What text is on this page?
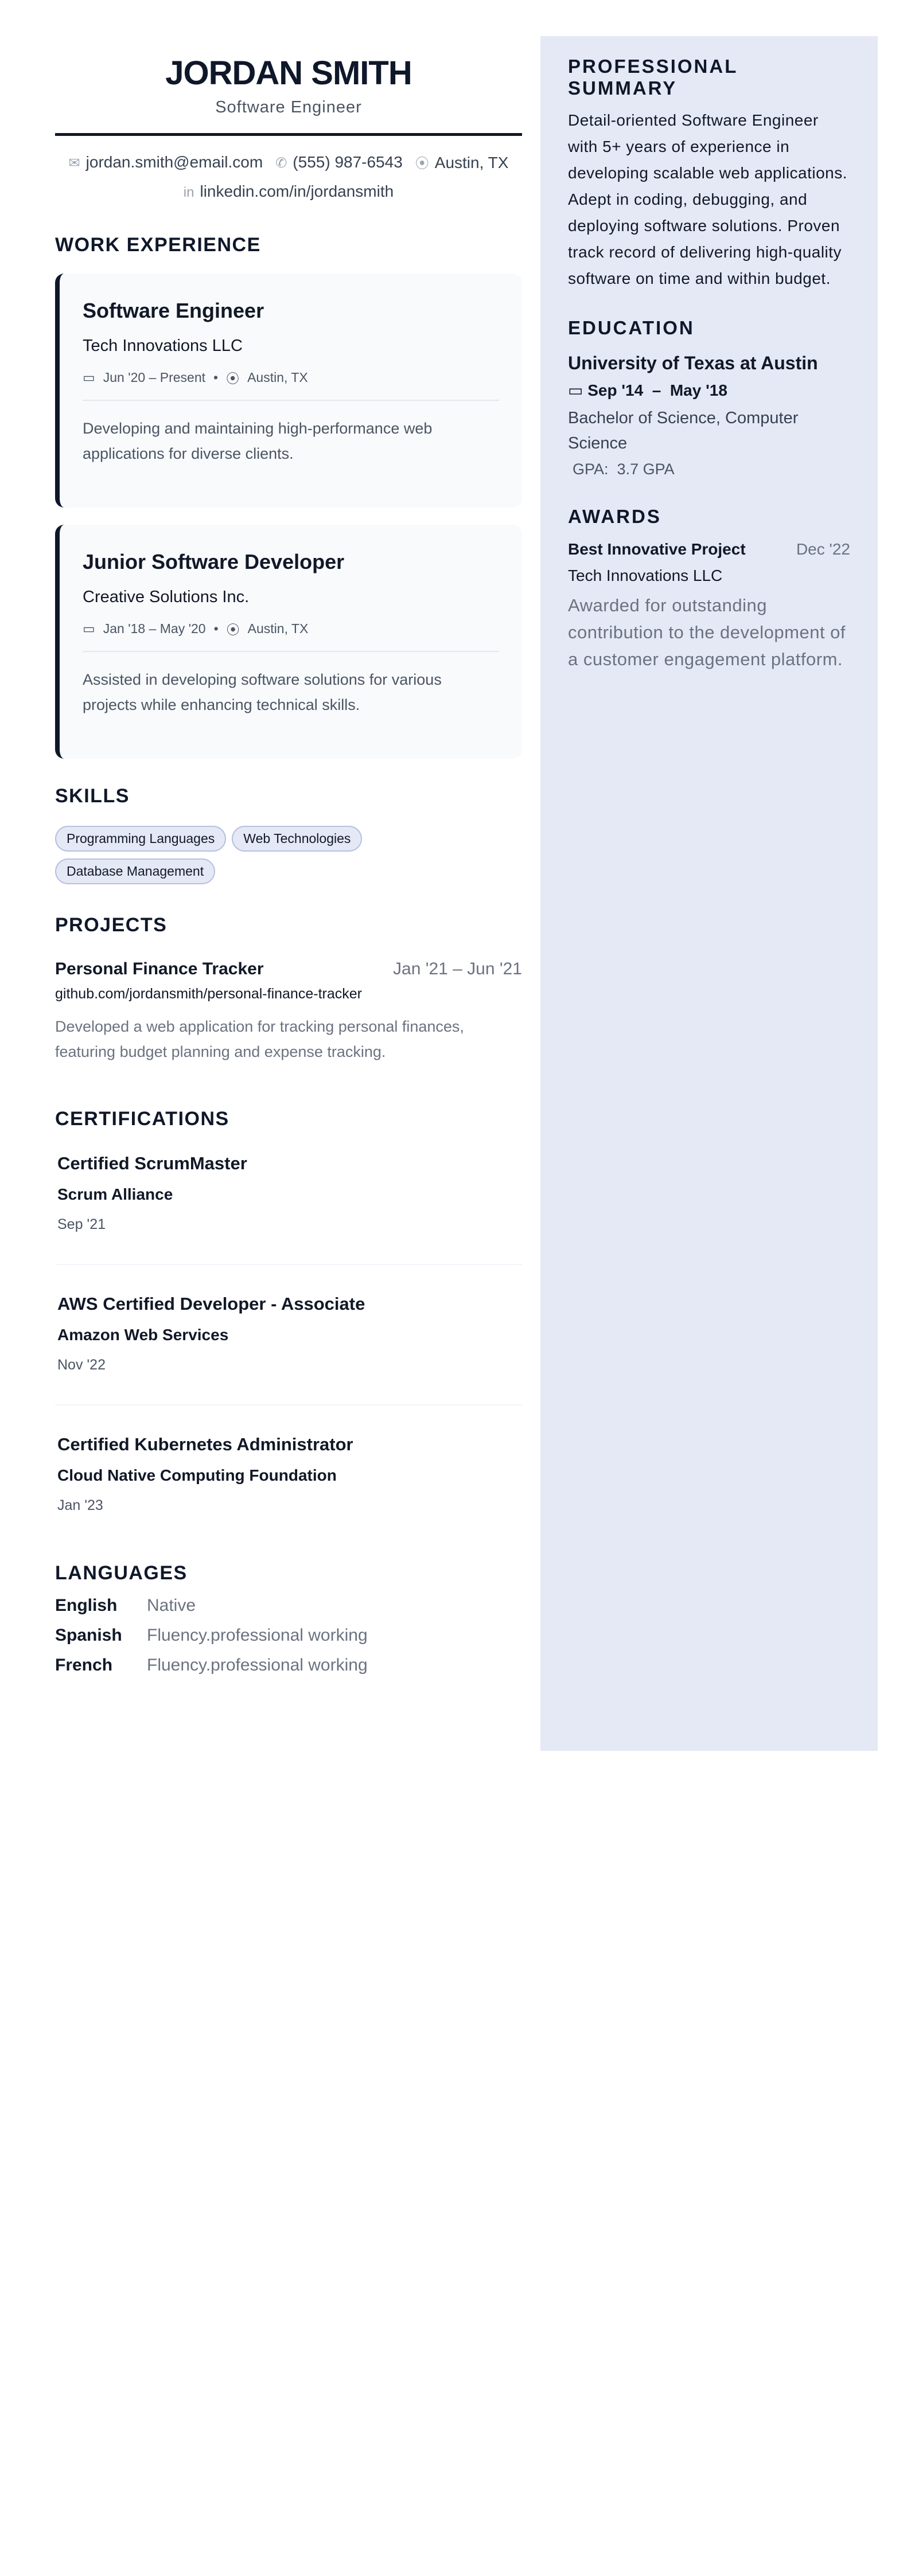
JORDAN SMITH
Software Engineer
✉ jordan.smith@email.com ✆ (555) 987-6543 ⦿ Austin, TX
in linkedin.com/in/jordansmith
WORK EXPERIENCE
Software Engineer
Tech Innovations LLC
▭ Jun '20 – Present • ⦿ Austin, TX
Developing and maintaining high-performance web applications for diverse clients.
Junior Software Developer
Creative Solutions Inc.
▭ Jan '18 – May '20 • ⦿ Austin, TX
Assisted in developing software solutions for various projects while enhancing technical skills.
SKILLS
Programming Languages	Web Technologies
Database Management
PROJECTS
Personal Finance Tracker	Jan '21 – Jun '21
github.com/jordansmith/personal-finance-tracker
Developed a web application for tracking personal finances, featuring budget planning and expense tracking.
CERTIFICATIONS
Certified ScrumMaster
Scrum Alliance
Sep '21
AWS Certified Developer - Associate
Amazon Web Services
Nov '22
Certified Kubernetes Administrator
Cloud Native Computing Foundation
Jan '23
LANGUAGES
English	Native
Spanish	Fluency.professional working
French	Fluency.professional working
PROFESSIONAL SUMMARY
Detail-oriented Software Engineer with 5+ years of experience in developing scalable web applications. Adept in coding, debugging, and deploying software solutions. Proven track record of delivering high-quality software on time and within budget.
EDUCATION
University of Texas at Austin
▭ Sep '14  –  May '18
Bachelor of Science, Computer Science
GPA: 3.7 GPA
AWARDS
Best Innovative Project	Dec '22
Tech Innovations LLC
Awarded for outstanding contribution to the development of a customer engagement platform.
